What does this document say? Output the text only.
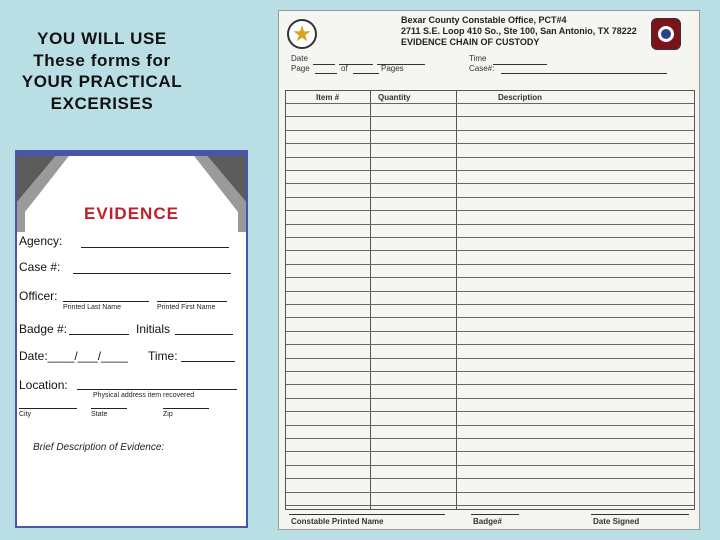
YOU WILL USE
These forms for
YOUR PRACTICAL
EXCERISES
EVIDENCE
Agency:
Case #:
Officer:
Printed Last Name	Printed First Name
Badge #:	Initials
Date:____/___/____ Time:
Location:
Physical address item recovered
City	State	Zip
Brief Description of Evidence:
Bexar County Constable Office, PCT#4
2711 S.E. Loop 410 So., Ste 100, San Antonio, TX 78222
EVIDENCE CHAIN OF CUSTODY
Date
Page	of	Pages
Time
Case#:
Item #	Quantity	Description
Constable Printed Name	Badge#	Date Signed
